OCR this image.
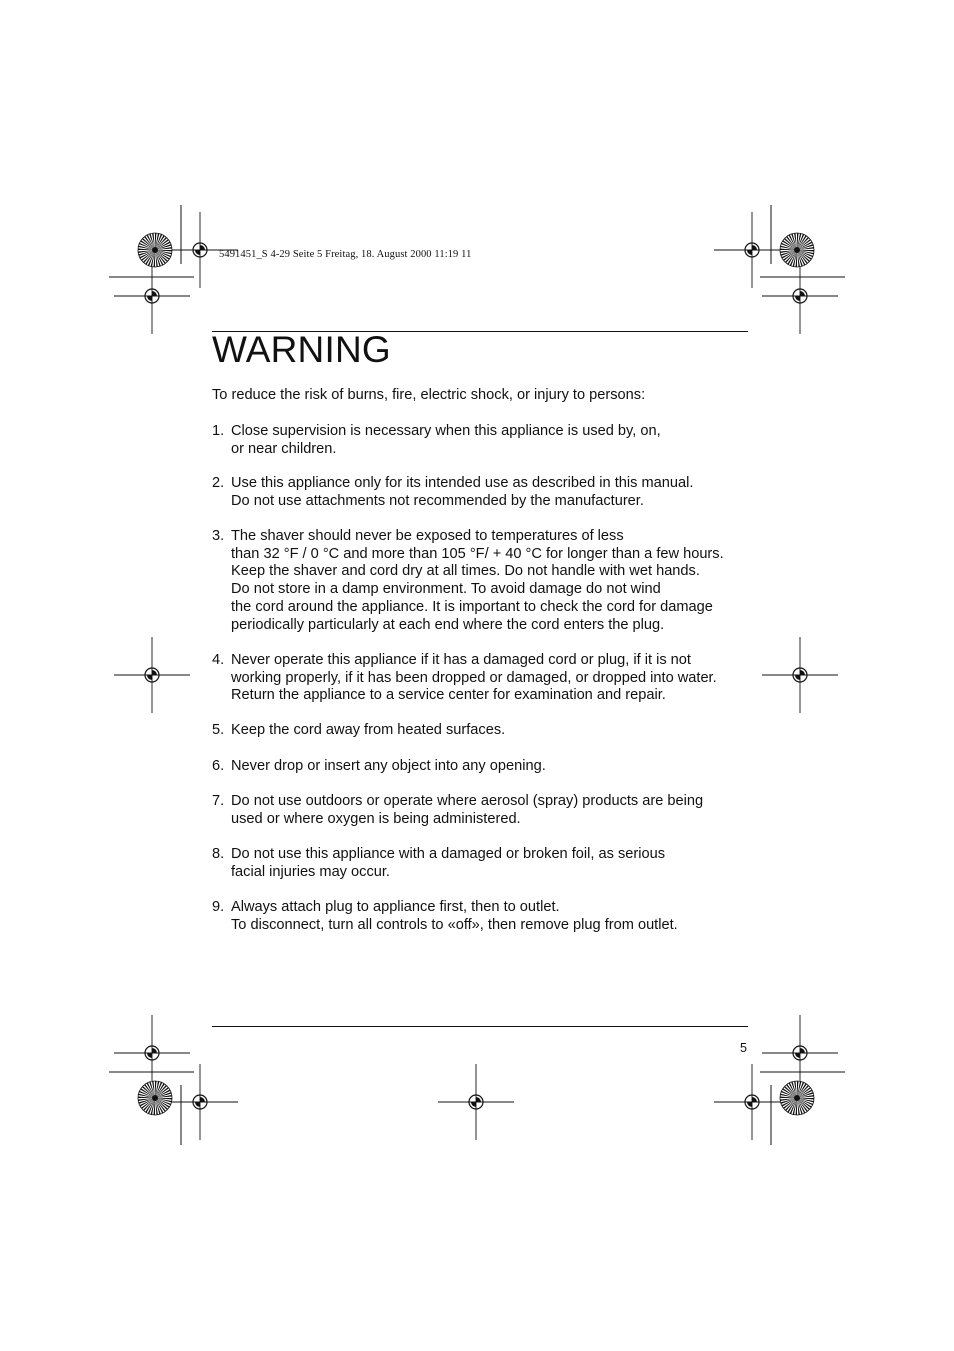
5491451_S 4-29 Seite 5 Freitag, 18. August 2000 11:19 11
WARNING

To reduce the risk of burns, fire, electric shock, or injury to persons:

1. Close supervision is necessary when this appliance is used by, on,
or near children.
2. Use this appliance only for its intended use as described in this manual.
Do not use attachments not recommended by the manufacturer.
3. The shaver should never be exposed to temperatures of less
than 32 °F / 0 °C and more than 105 °F/ + 40 °C for longer than a few hours.
Keep the shaver and cord dry at all times. Do not handle with wet hands.
Do not store in a damp environment. To avoid damage do not wind
the cord around the appliance. It is important to check the cord for damage
periodically particularly at each end where the cord enters the plug.
4. Never operate this appliance if it has a damaged cord or plug, if it is not
working properly, if it has been dropped or damaged, or dropped into water.
Return the appliance to a service center for examination and repair.
5. Keep the cord away from heated surfaces.
6. Never drop or insert any object into any opening.
7. Do not use outdoors or operate where aerosol (spray) products are being
used or where oxygen is being administered.
8. Do not use this appliance with a damaged or broken foil, as serious
facial injuries may occur.
9. Always attach plug to appliance first, then to outlet.
To disconnect, turn all controls to «off», then remove plug from outlet.
5
